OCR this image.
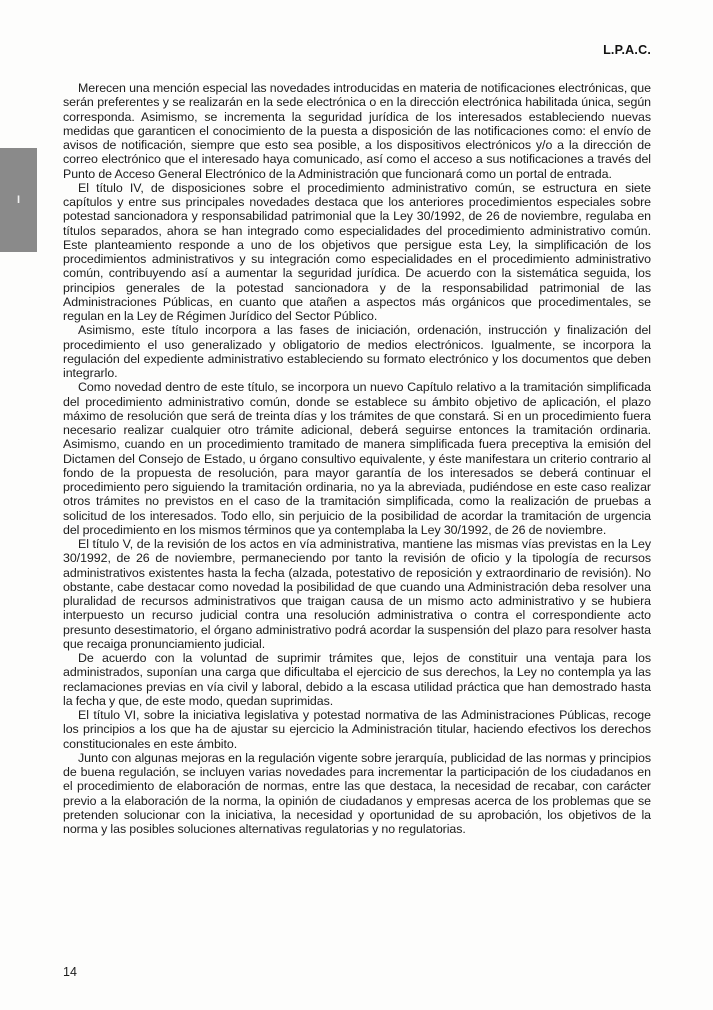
L.P.A.C.
I

Merecen una mención especial las novedades introducidas en materia de notificaciones electrónicas, que serán preferentes y se realizarán en la sede electrónica o en la dirección electrónica habilitada única, según corresponda. Asimismo, se incrementa la seguridad jurídica de los interesados estableciendo nuevas medidas que garanticen el conocimiento de la puesta a disposición de las notificaciones como: el envío de avisos de notificación, siempre que esto sea posible, a los dispositivos electrónicos y/o a la dirección de correo electrónico que el interesado haya comunicado, así como el acceso a sus notificaciones a través del Punto de Acceso General Electrónico de la Administración que funcionará como un portal de entrada.

El título IV, de disposiciones sobre el procedimiento administrativo común, se estructura en siete capítulos y entre sus principales novedades destaca que los anteriores procedimientos especiales sobre potestad sancionadora y responsabilidad patrimonial que la Ley 30/1992, de 26 de noviembre, regulaba en títulos separados, ahora se han integrado como especialidades del procedimiento administrativo común. Este planteamiento responde a uno de los objetivos que persigue esta Ley, la simplificación de los procedimientos administrativos y su integración como especialidades en el procedimiento administrativo común, contribuyendo así a aumentar la seguridad jurídica. De acuerdo con la sistemática seguida, los principios generales de la potestad sancionadora y de la responsabilidad patrimonial de las Administraciones Públicas, en cuanto que atañen a aspectos más orgánicos que procedimentales, se regulan en la Ley de Régimen Jurídico del Sector Público.

Asimismo, este título incorpora a las fases de iniciación, ordenación, instrucción y finalización del procedimiento el uso generalizado y obligatorio de medios electrónicos. Igualmente, se incorpora la regulación del expediente administrativo estableciendo su formato electrónico y los documentos que deben integrarlo.

Como novedad dentro de este título, se incorpora un nuevo Capítulo relativo a la tramitación simplificada del procedimiento administrativo común, donde se establece su ámbito objetivo de aplicación, el plazo máximo de resolución que será de treinta días y los trámites de que constará. Si en un procedimiento fuera necesario realizar cualquier otro trámite adicional, deberá seguirse entonces la tramitación ordinaria. Asimismo, cuando en un procedimiento tramitado de manera simplificada fuera preceptiva la emisión del Dictamen del Consejo de Estado, u órgano consultivo equivalente, y éste manifestara un criterio contrario al fondo de la propuesta de resolución, para mayor garantía de los interesados se deberá continuar el procedimiento pero siguiendo la tramitación ordinaria, no ya la abreviada, pudiéndose en este caso realizar otros trámites no previstos en el caso de la tramitación simplificada, como la realización de pruebas a solicitud de los interesados. Todo ello, sin perjuicio de la posibilidad de acordar la tramitación de urgencia del procedimiento en los mismos términos que ya contemplaba la Ley 30/1992, de 26 de noviembre.

El título V, de la revisión de los actos en vía administrativa, mantiene las mismas vías previstas en la Ley 30/1992, de 26 de noviembre, permaneciendo por tanto la revisión de oficio y la tipología de recursos administrativos existentes hasta la fecha (alzada, potestativo de reposición y extraordinario de revisión). No obstante, cabe destacar como novedad la posibilidad de que cuando una Administración deba resolver una pluralidad de recursos administrativos que traigan causa de un mismo acto administrativo y se hubiera interpuesto un recurso judicial contra una resolución administrativa o contra el correspondiente acto presunto desestimatorio, el órgano administrativo podrá acordar la suspensión del plazo para resolver hasta que recaiga pronunciamiento judicial.

De acuerdo con la voluntad de suprimir trámites que, lejos de constituir una ventaja para los administrados, suponían una carga que dificultaba el ejercicio de sus derechos, la Ley no contempla ya las reclamaciones previas en vía civil y laboral, debido a la escasa utilidad práctica que han demostrado hasta la fecha y que, de este modo, quedan suprimidas.

El título VI, sobre la iniciativa legislativa y potestad normativa de las Administraciones Públicas, recoge los principios a los que ha de ajustar su ejercicio la Administración titular, haciendo efectivos los derechos constitucionales en este ámbito.

Junto con algunas mejoras en la regulación vigente sobre jerarquía, publicidad de las normas y principios de buena regulación, se incluyen varias novedades para incrementar la participación de los ciudadanos en el procedimiento de elaboración de normas, entre las que destaca, la necesidad de recabar, con carácter previo a la elaboración de la norma, la opinión de ciudadanos y empresas acerca de los problemas que se pretenden solucionar con la iniciativa, la necesidad y oportunidad de su aprobación, los objetivos de la norma y las posibles soluciones alternativas regulatorias y no regulatorias.

14
